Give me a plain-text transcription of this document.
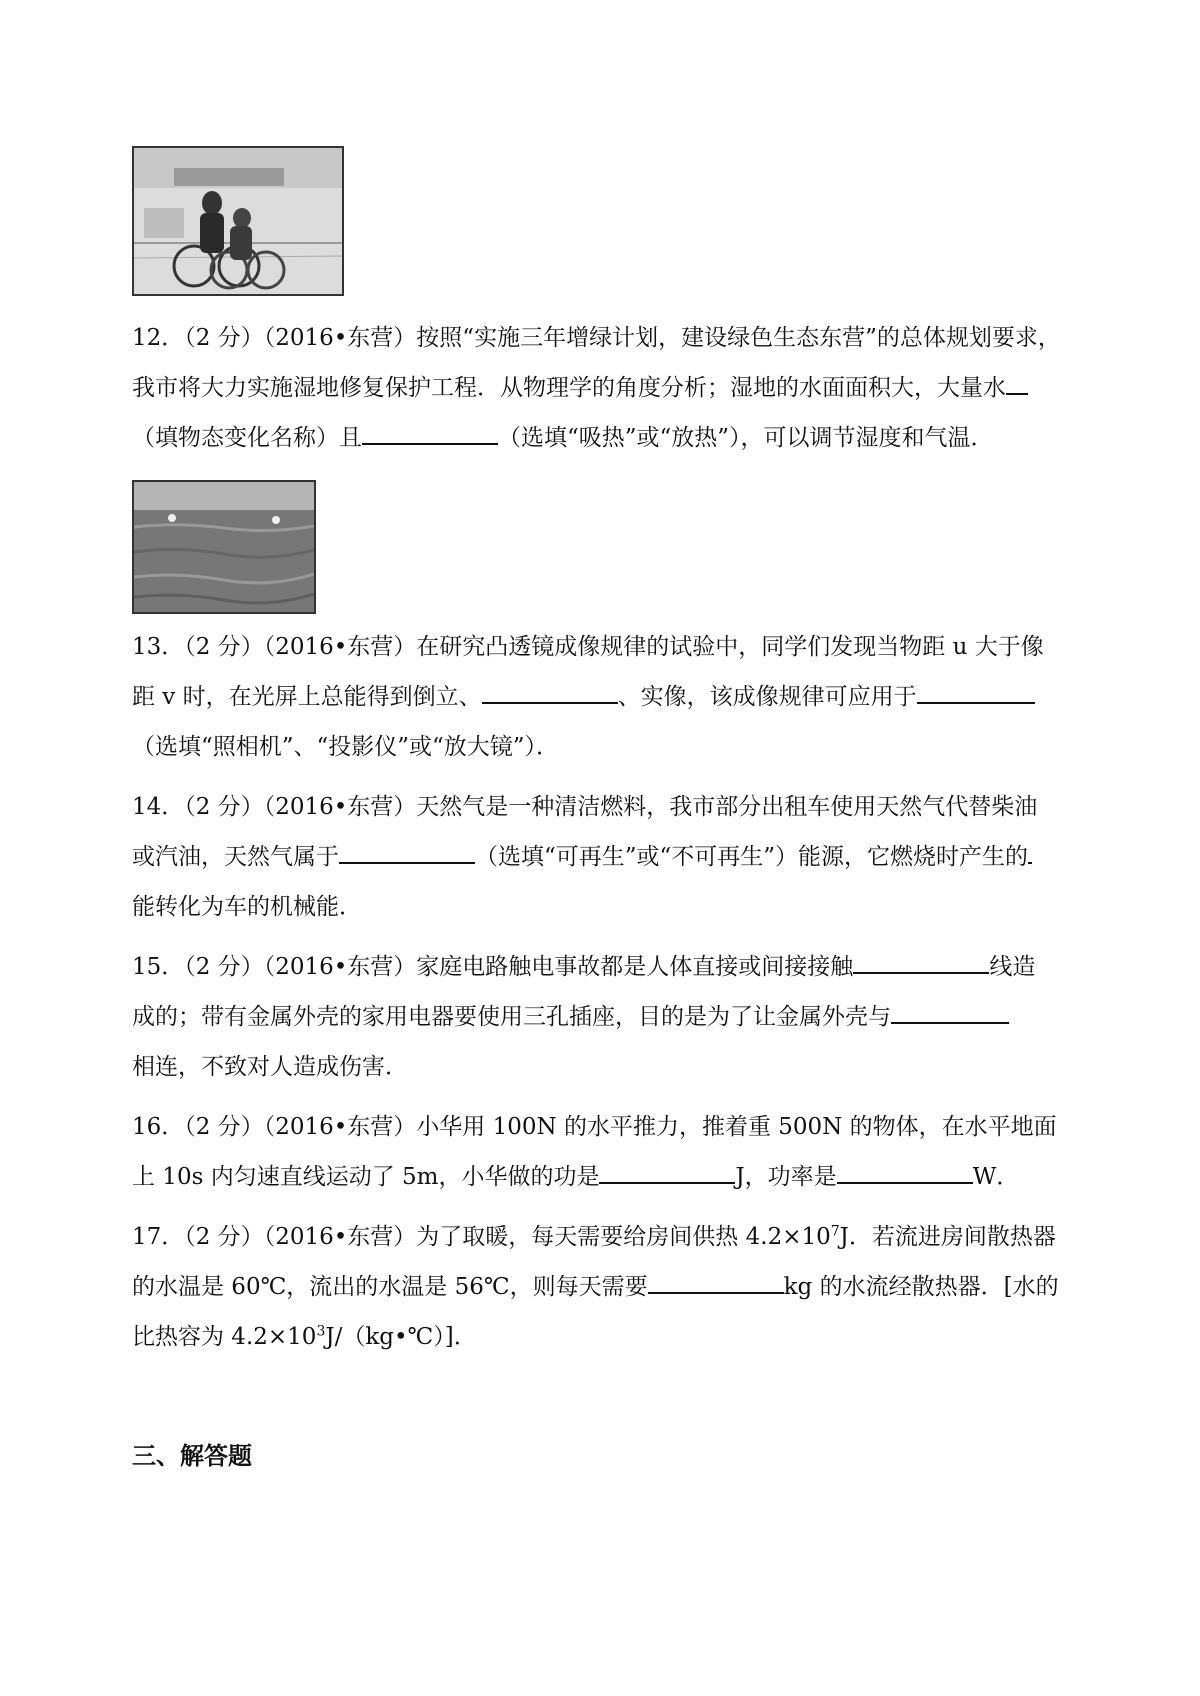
12．（2 分）（2016•东营）按照“实施三年增绿计划，建设绿色生态东营”的总体规划要求，
我市将大力实施湿地修复保护工程．从物理学的角度分析；湿地的水面面积大，大量水
（填物态变化名称）且	（选填“吸热”或“放热”），可以调节湿度和气温．
13．（2 分）（2016•东营）在研究凸透镜成像规律的试验中，同学们发现当物距 u 大于像
距 v 时，在光屏上总能得到倒立、	、实像，该成像规律可应用于
（选填“照相机”、“投影仪”或“放大镜”）．
14．（2 分）（2016•东营）天然气是一种清洁燃料，我市部分出租车使用天然气代替柴油
或汽油，天然气属于	（选填“可再生”或“不可再生”）能源，它燃烧时产生的
能转化为车的机械能．
15．（2 分）（2016•东营）家庭电路触电事故都是人体直接或间接接触	线造
成的；带有金属外壳的家用电器要使用三孔插座，目的是为了让金属外壳与
相连，不致对人造成伤害．
16．（2 分）（2016•东营）小华用 100N 的水平推力，推着重 500N 的物体，在水平地面
上 10s 内匀速直线运动了 5m，小华做的功是	J，功率是	W．
17．（2 分）（2016•东营）为了取暖，每天需要给房间供热 $4.2\times 10^7J$．若流进房间散热器
的水温是 60℃，流出的水温是 56℃，则每天需要	kg 的水流经散热器．[水的
比热容为 $4.2\times 10^3J/(kg•℃)$]．
三、解答题
